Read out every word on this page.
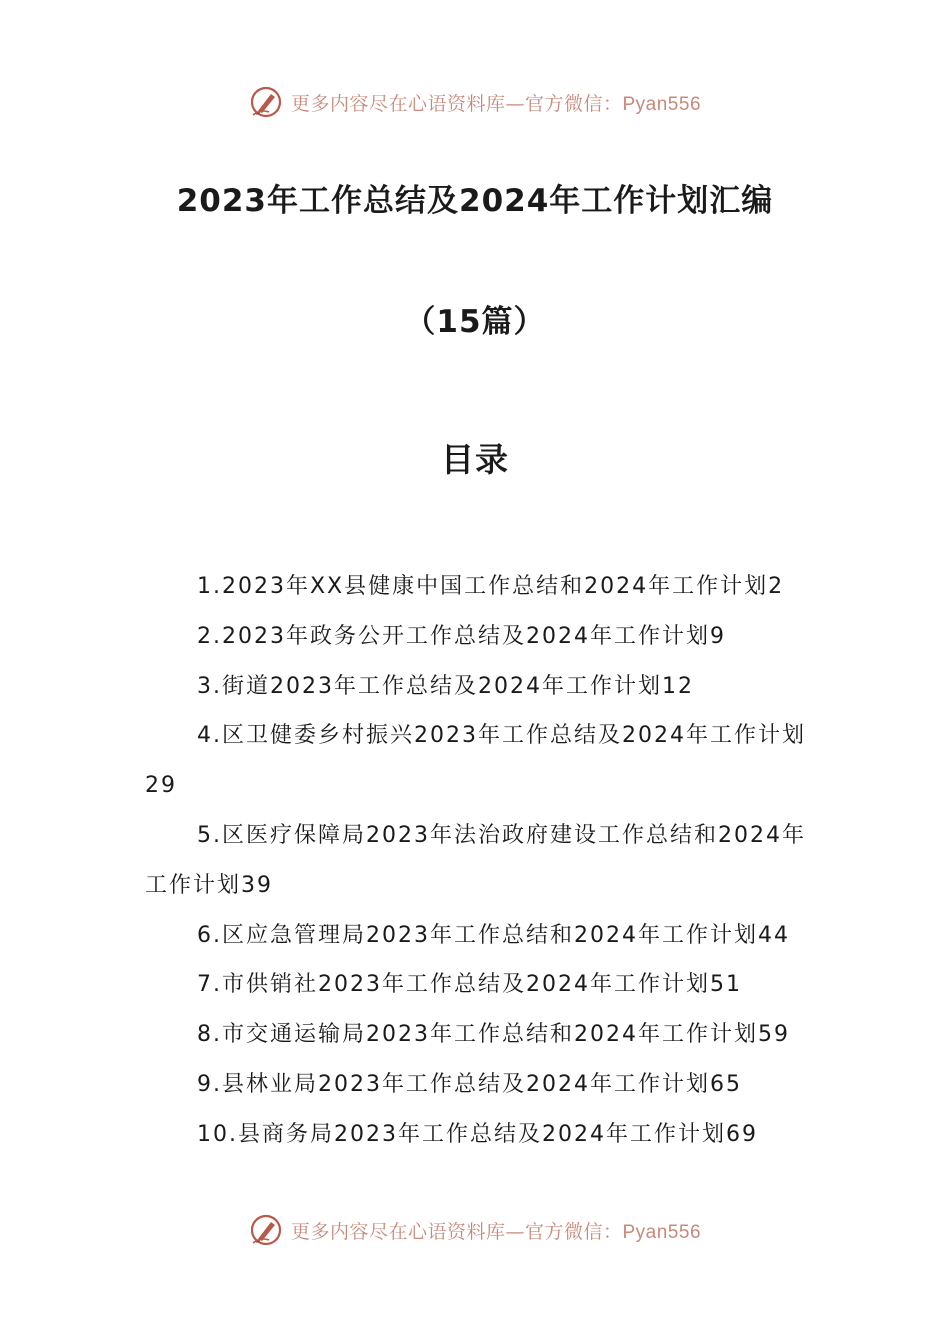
更多内容尽在心语资料库—官方微信：Pyan556
2023年工作总结及2024年工作计划汇编
（15篇）
目录
1.2023年XX县健康中国工作总结和2024年工作计划2
2.2023年政务公开工作总结及2024年工作计划9
3.街道2023年工作总结及2024年工作计划12
4.区卫健委乡村振兴2023年工作总结及2024年工作计划29
5.区医疗保障局2023年法治政府建设工作总结和2024年工作计划39
6.区应急管理局2023年工作总结和2024年工作计划44
7.市供销社2023年工作总结及2024年工作计划51
8.市交通运输局2023年工作总结和2024年工作计划59
9.县林业局2023年工作总结及2024年工作计划65
10.县商务局2023年工作总结及2024年工作计划69
更多内容尽在心语资料库—官方微信：Pyan556
